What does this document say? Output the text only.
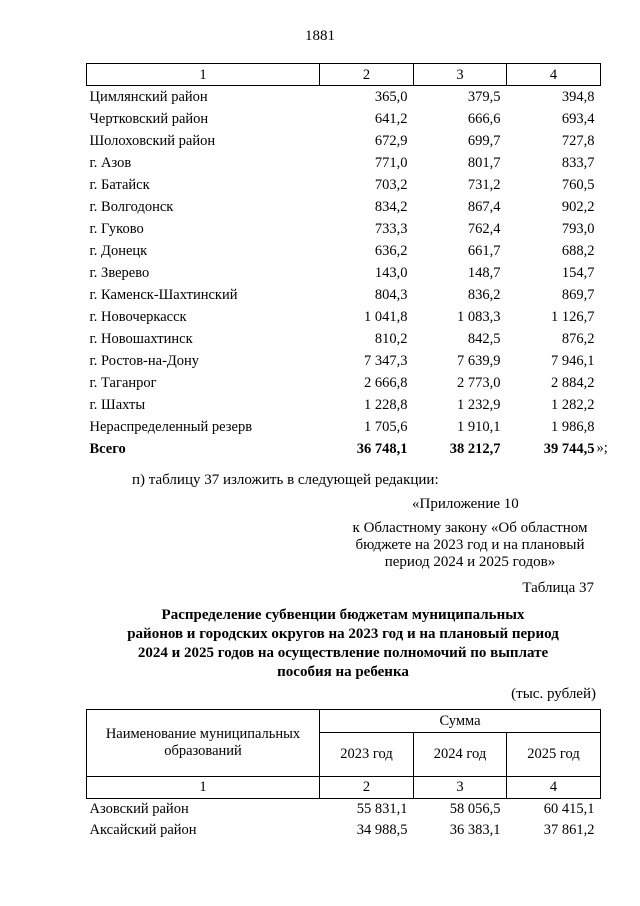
1881
1	2	3	4
Цимлянский район	365,0	379,5	394,8
Чертковский район	641,2	666,6	693,4
Шолоховский район	672,9	699,7	727,8
г. Азов	771,0	801,7	833,7
г. Батайск	703,2	731,2	760,5
г. Волгодонск	834,2	867,4	902,2
г. Гуково	733,3	762,4	793,0
г. Донецк	636,2	661,7	688,2
г. Зверево	143,0	148,7	154,7
г. Каменск-Шахтинский	804,3	836,2	869,7
г. Новочеркасск	1 041,8	1 083,3	1 126,7
г. Новошахтинск	810,2	842,5	876,2
г. Ростов-на-Дону	7 347,3	7 639,9	7 946,1
г. Таганрог	2 666,8	2 773,0	2 884,2
г. Шахты	1 228,8	1 232,9	1 282,2
Нераспределенный резерв	1 705,6	1 910,1	1 986,8
Всего	36 748,1	38 212,7	39 744,5 »;
п) таблицу 37 изложить в следующей редакции:
«Приложение 10
к Областному закону «Об областном
бюджете на 2023 год и на плановый
период 2024 и 2025 годов»
Таблица 37
Распределение субвенции бюджетам муниципальных
районов и городских округов на 2023 год и на плановый период
2024 и 2025 годов на осуществление полномочий по выплате
пособия на ребенка
(тыс. рублей)
Наименование муниципальных
образований	Сумма		
	2023 год	2024 год	2025 год
1	2	3	4
Азовский район	55 831,1	58 056,5	60 415,1
Аксайский район	34 988,5	36 383,1	37 861,2
